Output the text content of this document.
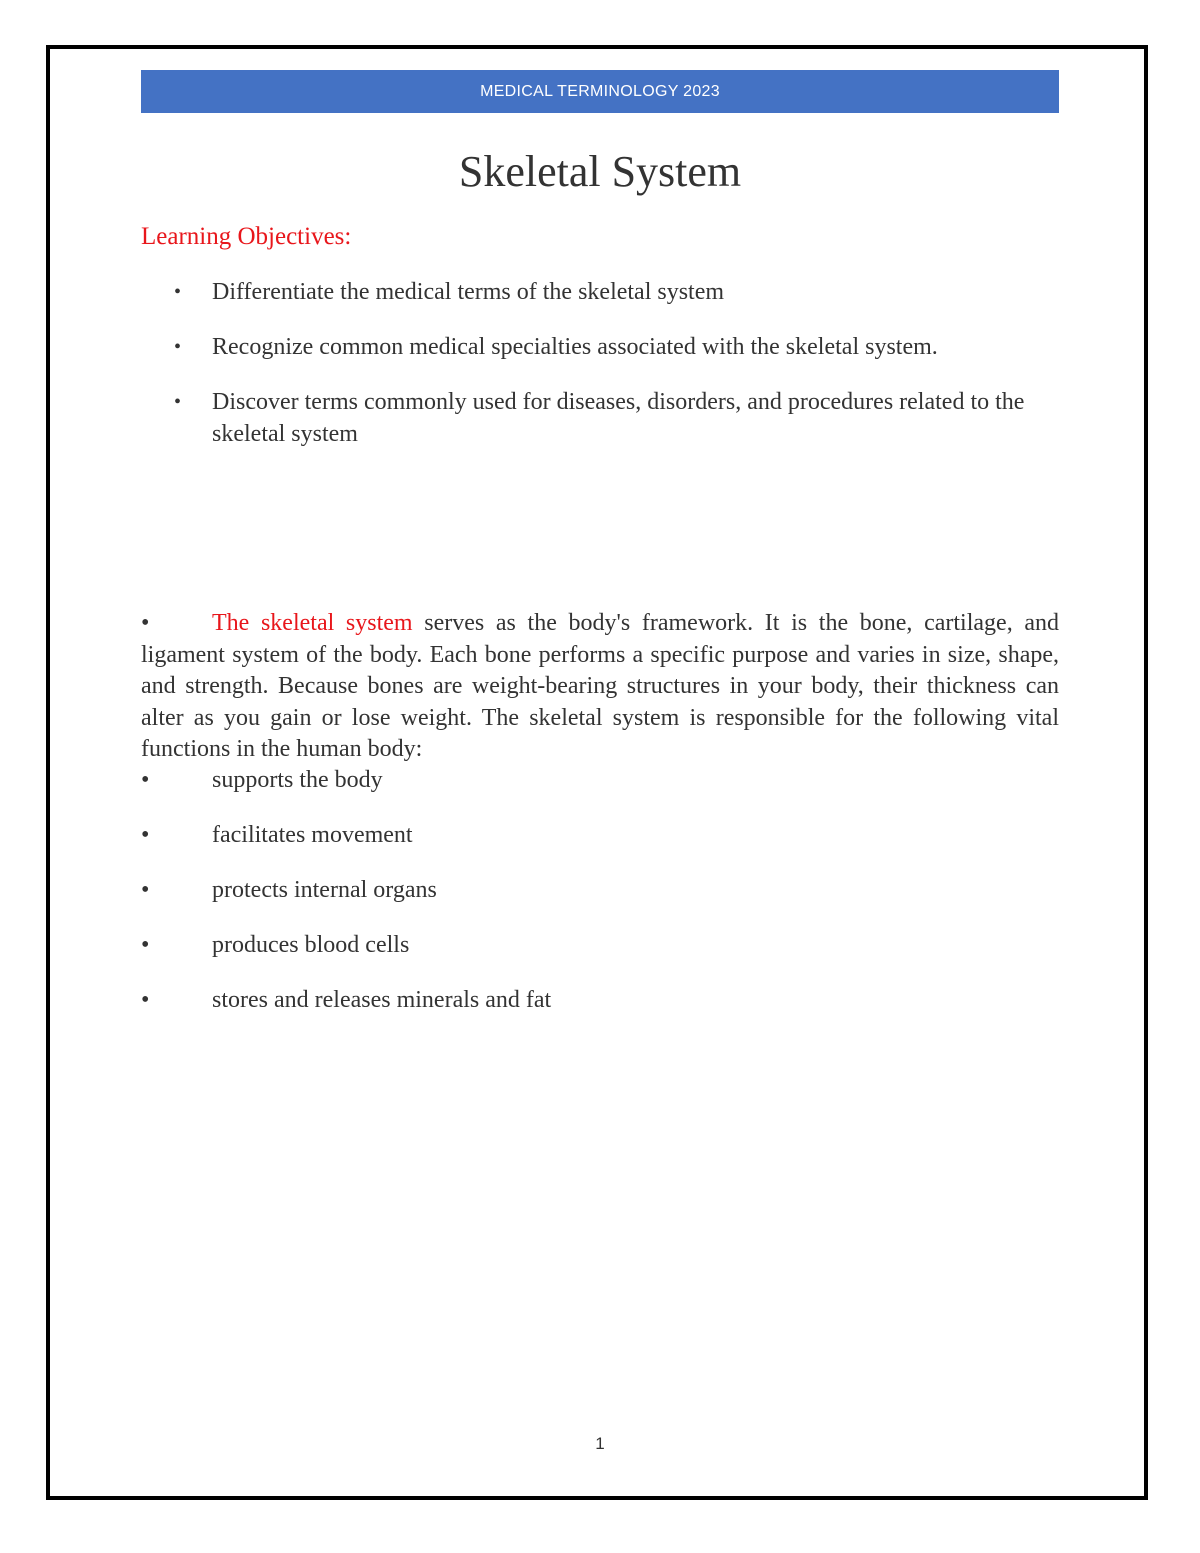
MEDICAL TERMINOLOGY 2023
Skeletal System
Learning Objectives:
• Differentiate the medical terms of the skeletal system
• Recognize common medical specialties associated with the skeletal system.
• Discover terms commonly used for diseases, disorders, and procedures related to the skeletal system

•	The skeletal system serves as the body's framework. It is the bone, cartilage, and ligament system of the body. Each bone performs a specific purpose and varies in size, shape, and strength. Because bones are weight-bearing structures in your body, their thickness can alter as you gain or lose weight. The skeletal system is responsible for the following vital functions in the human body:

•	supports the body
•	facilitates movement
•	protects internal organs
•	produces blood cells
•	stores and releases minerals and fat
1
